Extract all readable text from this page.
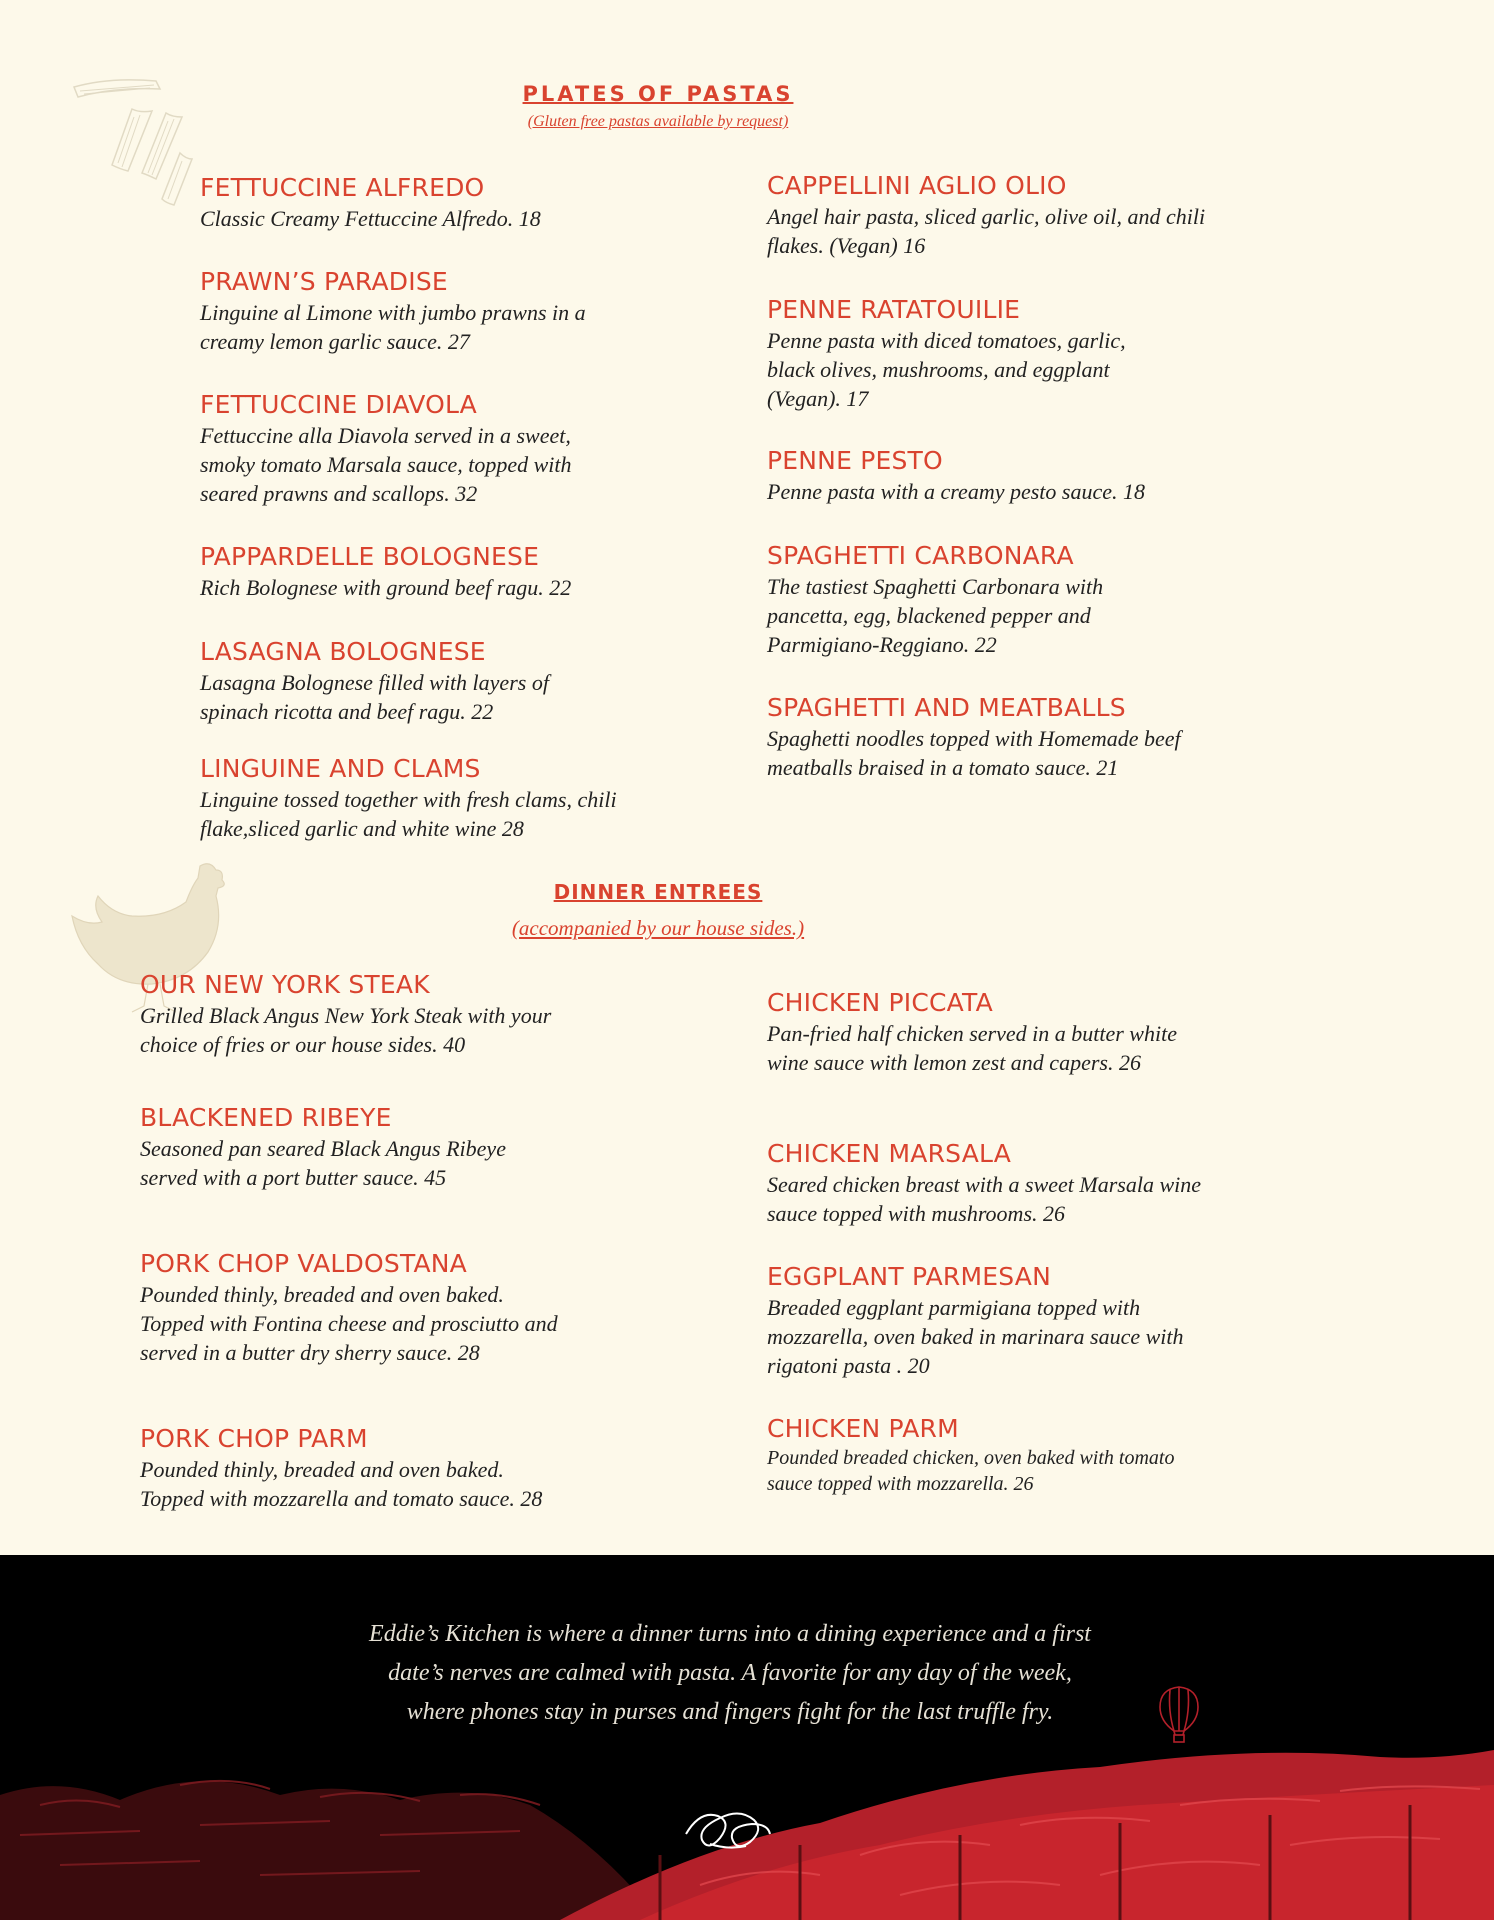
PLATES OF PASTAS
(Gluten free pastas available by request)
FETTUCCINE ALFREDO
Classic Creamy Fettuccine Alfredo. 18
PRAWN’S PARADISE
Linguine al Limone with jumbo prawns in a creamy lemon garlic sauce. 27
FETTUCCINE DIAVOLA
Fettuccine alla Diavola served in a sweet, smoky tomato Marsala sauce, topped with seared prawns and scallops. 32
PAPPARDELLE BOLOGNESE
Rich Bolognese with ground beef ragu. 22
LASAGNA BOLOGNESE
Lasagna Bolognese filled with layers of spinach ricotta and beef ragu. 22
LINGUINE AND CLAMS
Linguine tossed together with fresh clams, chili flake,sliced garlic and white wine 28
CAPPELLINI AGLIO OLIO
Angel hair pasta, sliced garlic, olive oil, and chili flakes. (Vegan) 16
PENNE RATATOUILIE
Penne pasta with diced tomatoes, garlic, black olives, mushrooms, and eggplant (Vegan). 17
PENNE PESTO
Penne pasta with a creamy pesto sauce. 18
SPAGHETTI CARBONARA
The tastiest Spaghetti Carbonara with pancetta, egg, blackened pepper and Parmigiano-Reggiano. 22
SPAGHETTI AND MEATBALLS
Spaghetti noodles topped with Homemade beef meatballs braised in a tomato sauce. 21
DINNER ENTREES
(accompanied by our house sides.)
OUR NEW YORK STEAK
Grilled Black Angus New York Steak with your choice of fries or our house sides. 40
BLACKENED RIBEYE
Seasoned pan seared Black Angus Ribeye served with a port butter sauce. 45
PORK CHOP VALDOSTANA
Pounded thinly, breaded and oven baked. Topped with Fontina cheese and prosciutto and served in a butter dry sherry sauce. 28
PORK CHOP PARM
Pounded thinly, breaded and oven baked. Topped with mozzarella and tomato sauce. 28
CHICKEN PICCATA
Pan-fried half chicken served in a butter white wine sauce with lemon zest and capers. 26
CHICKEN MARSALA
Seared chicken breast with a sweet Marsala wine sauce topped with mushrooms. 26
EGGPLANT PARMESAN
Breaded eggplant parmigiana topped with mozzarella, oven baked in marinara sauce with rigatoni pasta . 20
CHICKEN PARM
Pounded breaded chicken, oven baked with tomato sauce topped with mozzarella. 26
Eddie’s Kitchen is where a dinner turns into a dining experience and a first date’s nerves are calmed with pasta. A favorite for any day of the week, where phones stay in purses and fingers fight for the last truffle fry.
